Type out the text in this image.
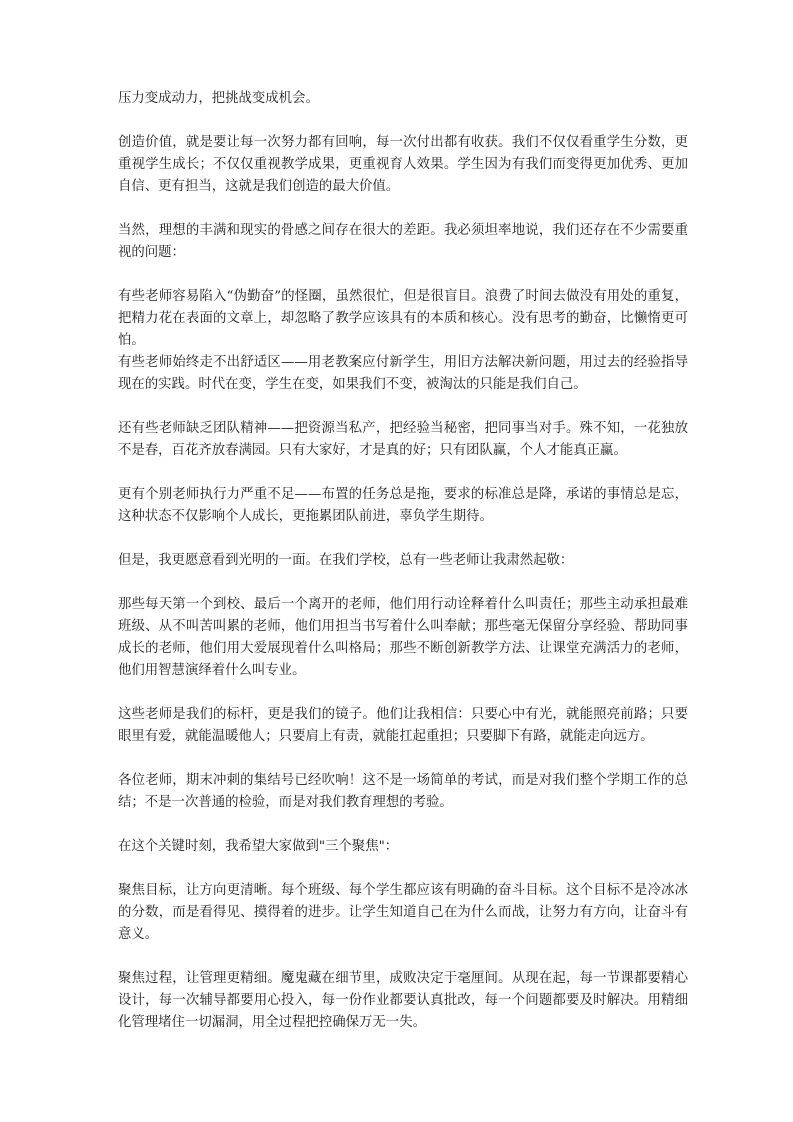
压力变成动力，把挑战变成机会。

创造价值，就是要让每一次努力都有回响，每一次付出都有收获。我们不仅仅看重学生分数，更重视学生成长；不仅仅重视教学成果，更重视育人效果。学生因为有我们而变得更加优秀、更加自信、更有担当，这就是我们创造的最大价值。

当然，理想的丰满和现实的骨感之间存在很大的差距。我必须坦率地说，我们还存在不少需要重视的问题：

有些老师容易陷入“伪勤奋”的怪圈，虽然很忙，但是很盲目。浪费了时间去做没有用处的重复，把精力花在表面的文章上，却忽略了教学应该具有的本质和核心。没有思考的勤奋，比懒惰更可怕。

有些老师始终走不出舒适区——用老教案应付新学生，用旧方法解决新问题，用过去的经验指导现在的实践。时代在变，学生在变，如果我们不变，被淘汰的只能是我们自己。

还有些老师缺乏团队精神——把资源当私产，把经验当秘密，把同事当对手。殊不知，一花独放不是春，百花齐放春满园。只有大家好，才是真的好；只有团队赢，个人才能真正赢。

更有个别老师执行力严重不足——布置的任务总是拖，要求的标准总是降，承诺的事情总是忘，这种状态不仅影响个人成长，更拖累团队前进，辜负学生期待。

但是，我更愿意看到光明的一面。在我们学校，总有一些老师让我肃然起敬：

那些每天第一个到校、最后一个离开的老师，他们用行动诠释着什么叫责任；那些主动承担最难班级、从不叫苦叫累的老师，他们用担当书写着什么叫奉献；那些毫无保留分享经验、帮助同事成长的老师，他们用大爱展现着什么叫格局；那些不断创新教学方法、让课堂充满活力的老师，他们用智慧演绎着什么叫专业。

这些老师是我们的标杆，更是我们的镜子。他们让我相信：只要心中有光，就能照亮前路；只要眼里有爱，就能温暖他人；只要肩上有责，就能扛起重担；只要脚下有路，就能走向远方。

各位老师，期末冲刺的集结号已经吹响！这不是一场简单的考试，而是对我们整个学期工作的总结；不是一次普通的检验，而是对我们教育理想的考验。

在这个关键时刻，我希望大家做到"三个聚焦"：

聚焦目标，让方向更清晰。每个班级、每个学生都应该有明确的奋斗目标。这个目标不是冷冰冰的分数，而是看得见、摸得着的进步。让学生知道自己在为什么而战，让努力有方向，让奋斗有意义。

聚焦过程，让管理更精细。魔鬼藏在细节里，成败决定于毫厘间。从现在起，每一节课都要精心设计，每一次辅导都要用心投入，每一份作业都要认真批改，每一个问题都要及时解决。用精细化管理堵住一切漏洞，用全过程把控确保万无一失。
